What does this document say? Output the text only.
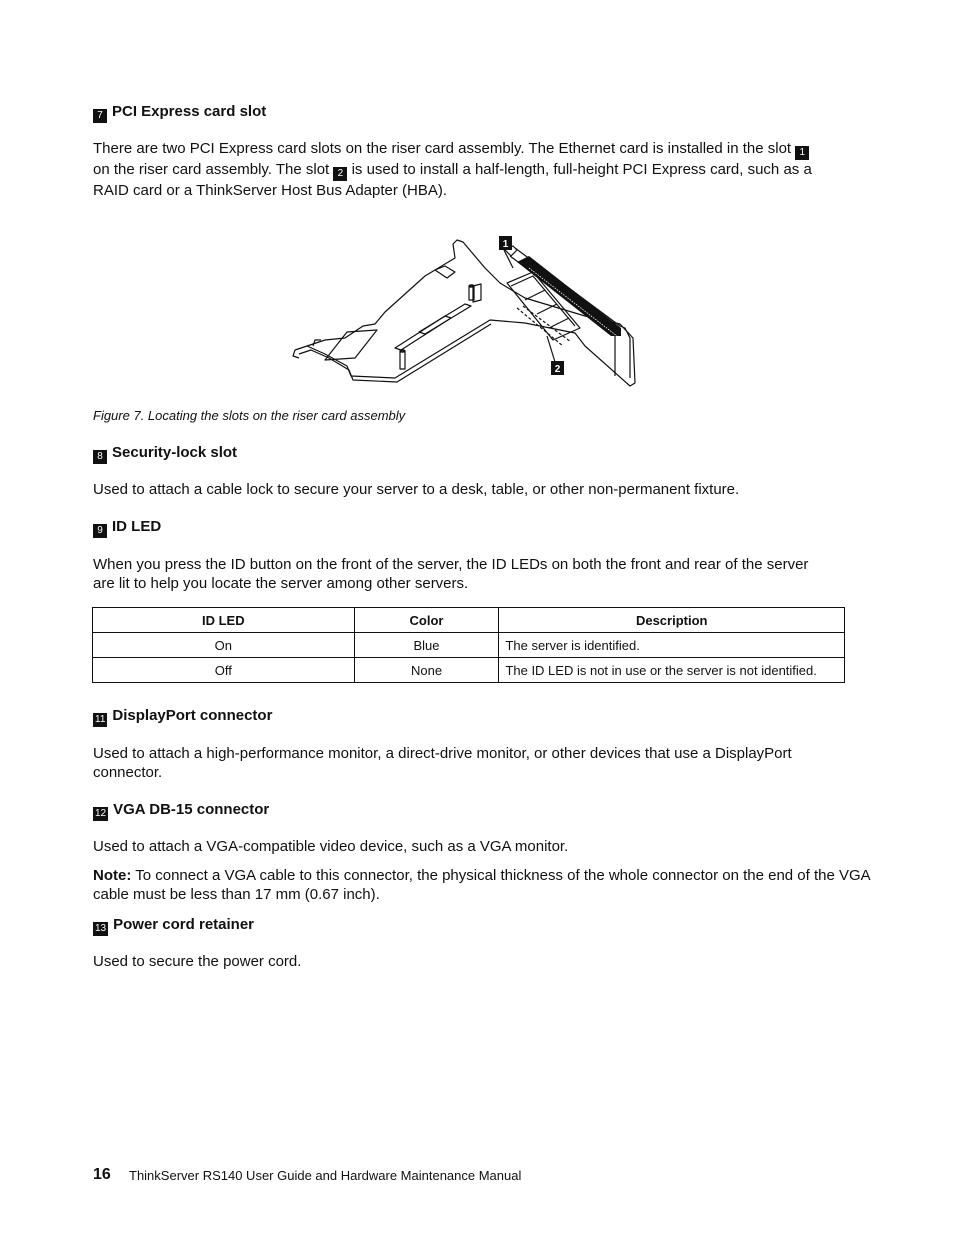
7 PCI Express card slot
There are two PCI Express card slots on the riser card assembly. The Ethernet card is installed in the slot 1
on the riser card assembly. The slot 2 is used to install a half-length, full-height PCI Express card, such as a
RAID card or a ThinkServer Host Bus Adapter (HBA).
1
2
Figure 7. Locating the slots on the riser card assembly
8 Security-lock slot
Used to attach a cable lock to secure your server to a desk, table, or other non-permanent fixture.
9 ID LED
When you press the ID button on the front of the server, the ID LEDs on both the front and rear of the server
are lit to help you locate the server among other servers.
ID LED	Color	Description
On	Blue	The server is identified.
Off	None	The ID LED is not in use or the server is not identified.
11 DisplayPort connector
Used to attach a high-performance monitor, a direct-drive monitor, or other devices that use a DisplayPort
connector.
12 VGA DB-15 connector
Used to attach a VGA-compatible video device, such as a VGA monitor.
Note: To connect a VGA cable to this connector, the physical thickness of the whole connector on the end of the VGA
cable must be less than 17 mm (0.67 inch).
13 Power cord retainer
Used to secure the power cord.
16 ThinkServer RS140 User Guide and Hardware Maintenance Manual
